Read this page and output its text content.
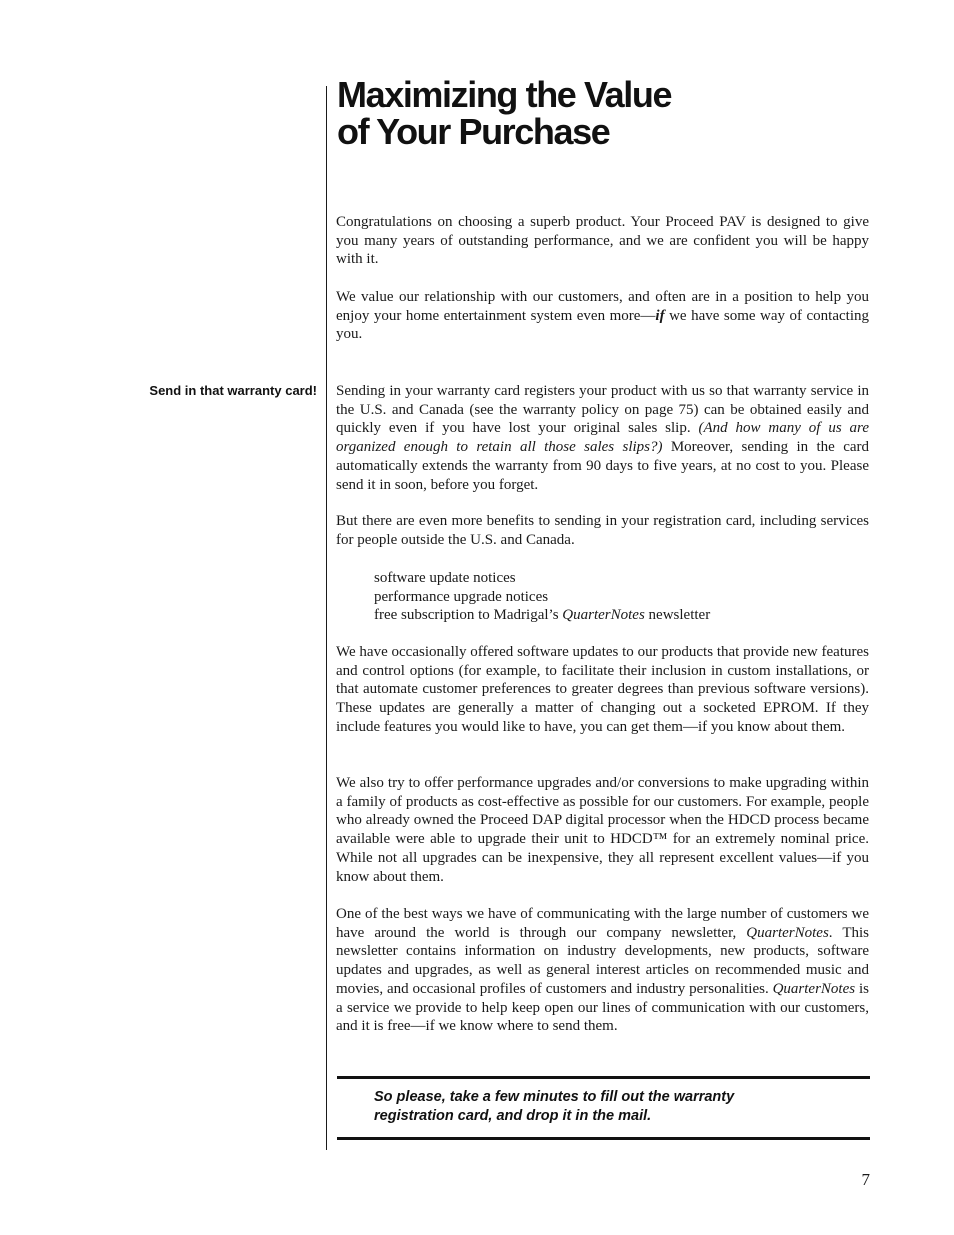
Maximizing the Value
of Your Purchase

Congratulations on choosing a superb product. Your Proceed PAV is designed to give you many years of outstanding performance, and we are confident you will be happy with it.

We value our relationship with our customers, and often are in a position to help you enjoy your home entertainment system even more—if we have some way of contacting you.

Send in that warranty card! Sending in your warranty card registers your product with us so that warranty service in the U.S. and Canada (see the warranty policy on page 75) can be obtained easily and quickly even if you have lost your original sales slip. (And how many of us are organized enough to retain all those sales slips?) Moreover, sending in the card automatically extends the warranty from 90 days to five years, at no cost to you. Please send it in soon, before you forget.

But there are even more benefits to sending in your registration card, including services for people outside the U.S. and Canada.

software update notices
performance upgrade notices
free subscription to Madrigal’s QuarterNotes newsletter

We have occasionally offered software updates to our products that provide new features and control options (for example, to facilitate their inclusion in custom installations, or that automate customer preferences to greater degrees than previous software versions). These updates are generally a matter of changing out a socketed EPROM. If they include features you would like to have, you can get them—if you know about them.

We also try to offer performance upgrades and/or conversions to make upgrading within a family of products as cost-effective as possible for our customers. For example, people who already owned the Proceed DAP digital processor when the HDCD process became available were able to upgrade their unit to HDCD™ for an extremely nominal price. While not all upgrades can be inexpensive, they all represent excellent values—if you know about them.

One of the best ways we have of communicating with the large number of customers we have around the world is through our company newsletter, QuarterNotes. This newsletter contains information on industry developments, new products, software updates and upgrades, as well as general interest articles on recommended music and movies, and occasional profiles of customers and industry personalities. QuarterNotes is a service we provide to help keep open our lines of communication with our customers, and it is free—if we know where to send them.

So please, take a few minutes to fill out the warranty
registration card, and drop it in the mail.

7
